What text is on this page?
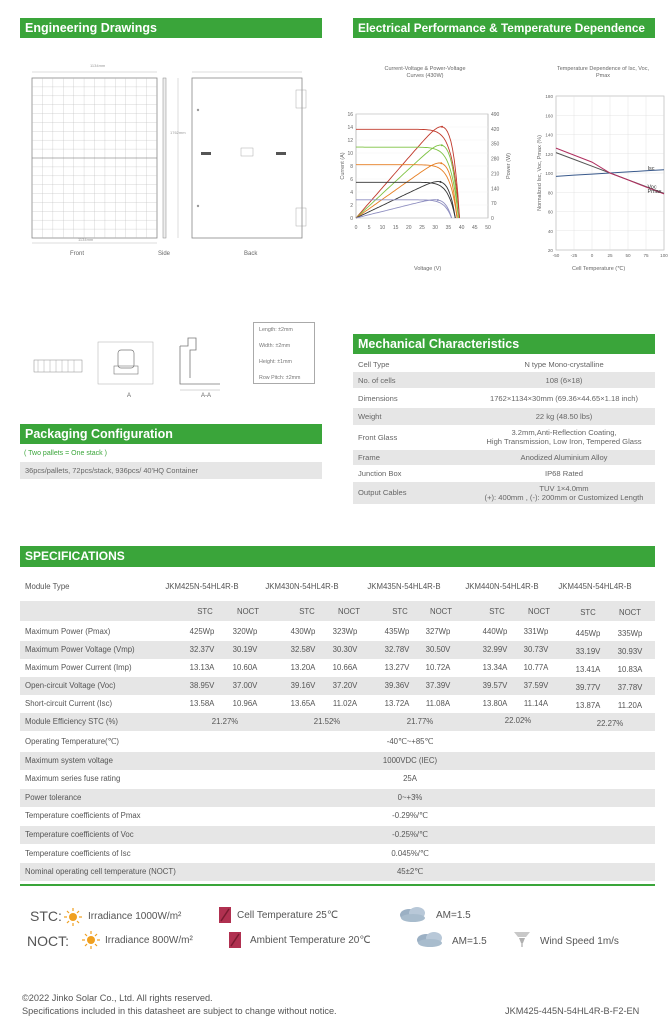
Engineering Drawings
Front	Side	Back
1134mm
1134mm
1762mm
A	A-A
Length: ±2mm
Width: ±2mm
Height: ±1mm
Row Pitch: ±2mm
Electrical Performance & Temperature Dependence
Current-Voltage & Power-Voltage Curves (430W)
Temperature Dependence of Isc, Voc, Pmax
0
2
4
6
8
10
12
14
16
0
70
140
210
280
350
420
490
0 5 10 15 20 25 30 35 40 45 50
Current (A)	Power (W)
Voltage (V)
-50 -25	0	25	50	75	100
20
40
60
80
100
120
140
160
180
Normalized Isc, Voc, Pmax (%)	Isc
Voc
Pmax
Cell Temperature (℃)
Mechanical Characteristics
Cell Type	N type Mono-crystalline
No. of cells	108 (6×18)
Dimensions	1762×1134×30mm (69.36×44.65×1.18 inch)
Weight	22 kg (48.50 lbs)
Front Glass
3.2mm,Anti-Reflection Coating,
High Transmission, Low Iron, Tempered Glass
Frame	Anodized Aluminium Alloy
Junction Box	IP68 Rated
Output Cables	TUV 1×4.0mm
(+): 400mm , (-): 200mm or Customized Length
Packaging Configuration
( Two pallets = One stack )
36pcs/pallets, 72pcs/stack, 936pcs/ 40'HQ Container
SPECIFICATIONS
Module Type	JKM425N-54HL4R-B	JKM430N-54HL4R-B	JKM435N-54HL4R-B	JKM440N-54HL4R-B	JKM445N-54HL4R-B
STC	NOCT	STC	NOCT	STC	NOCT	STC	NOCT	STC	NOCT
Maximum Power (Pmax)	425Wp	320Wp	430Wp	323Wp	435Wp	327Wp	440Wp	331Wp	445Wp	335Wp
Maximum Power Voltage (Vmp)	32.37V	30.19V	32.58V	30.30V	32.78V	30.50V	32.99V	30.73V	33.19V	30.93V
Maximum Power Current (Imp)	13.13A	10.60A	13.20A	10.66A	13.27V	10.72A	13.34A	10.77A	13.41A	10.83A
Open-circuit Voltage (Voc)	38.95V	37.00V	39.16V	37.20V	39.36V	37.39V	39.57V	37.59V	39.77V	37.78V
Short-circuit Current (Isc)	13.58A	10.96A	13.65A	11.02A	13.72A	11.08A	13.80A	11.14A	13.87A	11.20A
Module Efficiency STC (%)	21.27%	21.52%	21.77%	22.02%	22.27%
Operating Temperature(℃)	-40℃~+85℃
Maximum system voltage	1000VDC (IEC)
Maximum series fuse rating	25A
Power tolerance	0~+3%
Temperature coefficients of Pmax	-0.29%/℃
Temperature coefficients of Voc	-0.25%/℃
Temperature coefficients of Isc	0.045%/℃
Nominal operating cell temperature (NOCT)	45±2℃
STC:	Irradiance 1000W/m²	Cell Temperature 25℃	AM=1.5
NOCT:	Irradiance 800W/m²	Ambient Temperature 20℃	AM=1.5	Wind Speed 1m/s
©2022 Jinko Solar Co., Ltd. All rights reserved.
Specifications included in this datasheet are subject to change without notice.	JKM425-445N-54HL4R-B-F2-EN
